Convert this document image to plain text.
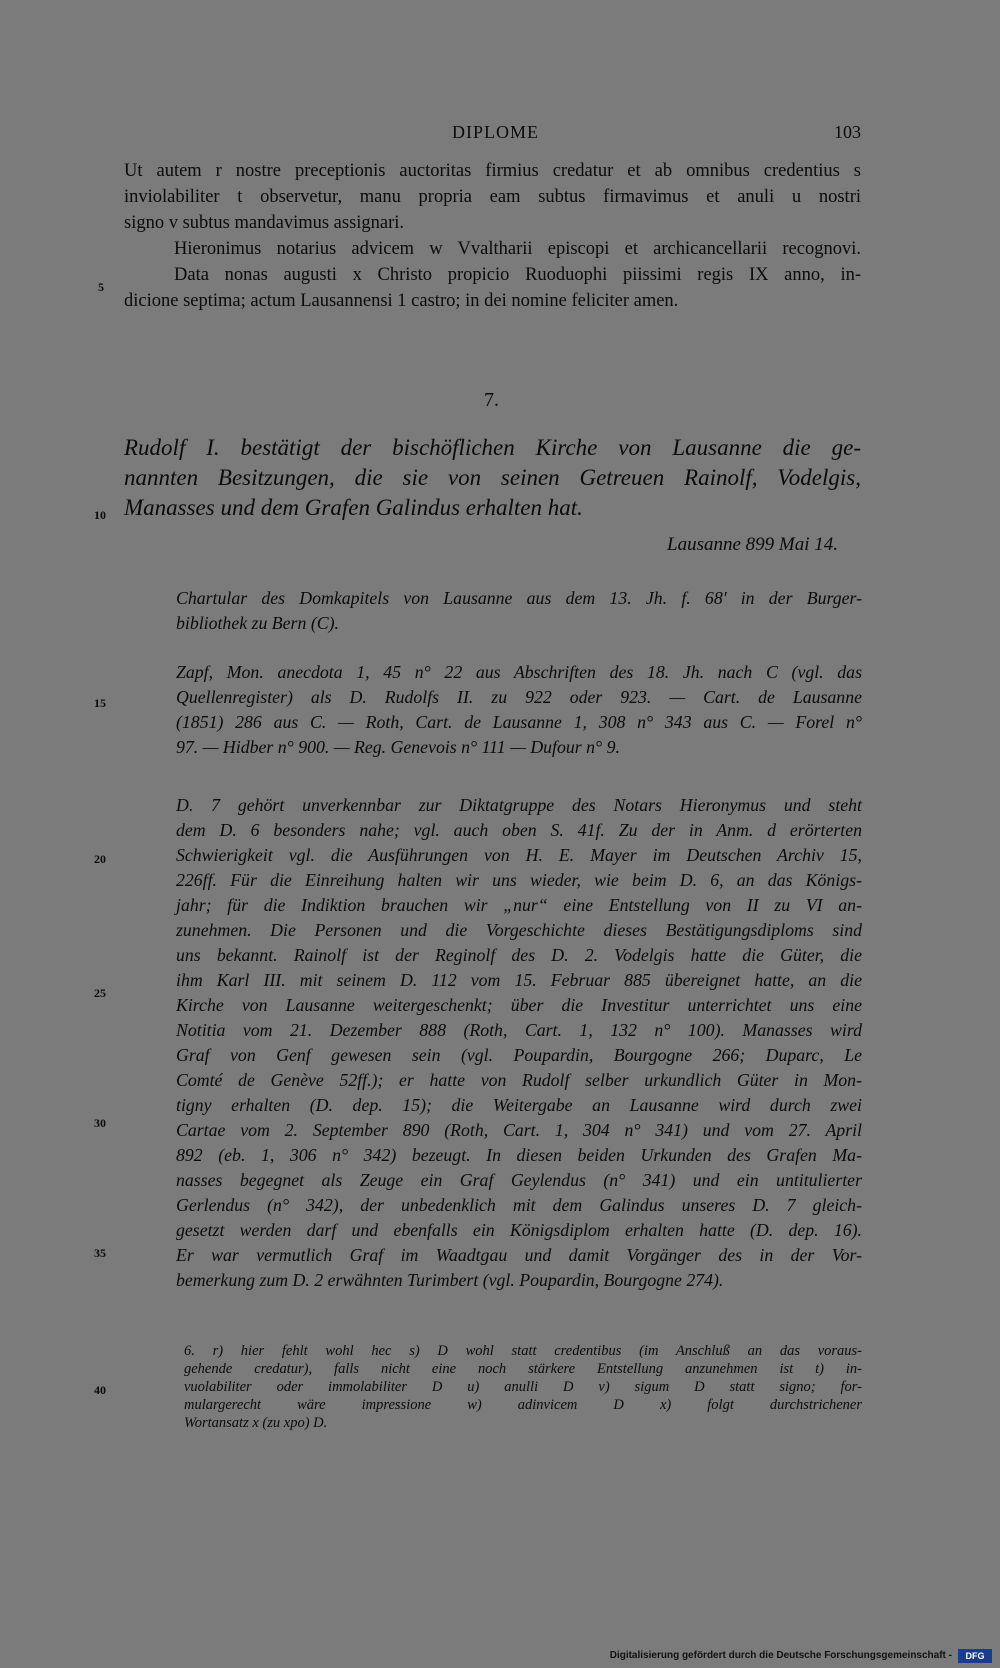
DIPLOME	103
Ut autem r nostre preceptionis auctoritas firmius credatur et ab omnibus credentius s
inviolabiliter t observetur, manu propria eam subtus firmavimus et anuli u nostri
signo v subtus mandavimus assignari.
Hieronimus notarius advicem w Vvaltharii episcopi et archicancellarii recognovi.
Data nonas augusti x Christo propicio Ruoduophi piissimi regis IX anno, in-
dicione septima; actum Lausannensi 1 castro; in dei nomine feliciter amen.
7.
Rudolf I. bestätigt der bischöflichen Kirche von Lausanne die ge-
nannten Besitzungen, die sie von seinen Getreuen Rainolf, Vodelgis,
Manasses und dem Grafen Galindus erhalten hat.
Lausanne 899 Mai 14.
Chartular des Domkapitels von Lausanne aus dem 13. Jh. f. 68' in der Burger-
bibliothek zu Bern (C).
Zapf, Mon. anecdota 1, 45 n° 22 aus Abschriften des 18. Jh. nach C (vgl. das
Quellenregister) als D. Rudolfs II. zu 922 oder 923. — Cart. de Lausanne
(1851) 286 aus C. — Roth, Cart. de Lausanne 1, 308 n° 343 aus C. — Forel n°
97. — Hidber n° 900. — Reg. Genevois n° 111 — Dufour n° 9.
D. 7 gehört unverkennbar zur Diktatgruppe des Notars Hieronymus und steht
dem D. 6 besonders nahe; vgl. auch oben S. 41f. Zu der in Anm. d erörterten
Schwierigkeit vgl. die Ausführungen von H. E. Mayer im Deutschen Archiv 15,
226ff. Für die Einreihung halten wir uns wieder, wie beim D. 6, an das Königs-
jahr; für die Indiktion brauchen wir „nur“ eine Entstellung von II zu VI an-
zunehmen. Die Personen und die Vorgeschichte dieses Bestätigungsdiploms sind
uns bekannt. Rainolf ist der Reginolf des D. 2. Vodelgis hatte die Güter, die
ihm Karl III. mit seinem D. 112 vom 15. Februar 885 übereignet hatte, an die
Kirche von Lausanne weitergeschenkt; über die Investitur unterrichtet uns eine
Notitia vom 21. Dezember 888 (Roth, Cart. 1, 132 n° 100). Manasses wird
Graf von Genf gewesen sein (vgl. Poupardin, Bourgogne 266; Duparc, Le
Comté de Genève 52ff.); er hatte von Rudolf selber urkundlich Güter in Mon-
tigny erhalten (D. dep. 15); die Weitergabe an Lausanne wird durch zwei
Cartae vom 2. September 890 (Roth, Cart. 1, 304 n° 341) und vom 27. April
892 (eb. 1, 306 n° 342) bezeugt. In diesen beiden Urkunden des Grafen Ma-
nasses begegnet als Zeuge ein Graf Geylendus (n° 341) und ein untitulierter
Gerlendus (n° 342), der unbedenklich mit dem Galindus unseres D. 7 gleich-
gesetzt werden darf und ebenfalls ein Königsdiplom erhalten hatte (D. dep. 16).
Er war vermutlich Graf im Waadtgau und damit Vorgänger des in der Vor-
bemerkung zum D. 2 erwähnten Turimbert (vgl. Poupardin, Bourgogne 274).
6. r) hier fehlt wohl hec s) D wohl statt credentibus (im Anschluß an das voraus-
gehende credatur), falls nicht eine noch stärkere Entstellung anzunehmen ist t) in-
vuolabiliter oder immolabiliter D u) anulli D v) sigum D statt signo; for-
mulargerecht wäre impressione w) adinvicem D x) folgt durchstrichener
Wortansatz x (zu xpo) D.
5
10
15
20
25
30
35
40
Digitalisierung gefördert durch die Deutsche Forschungsgemeinschaft -	DFG
